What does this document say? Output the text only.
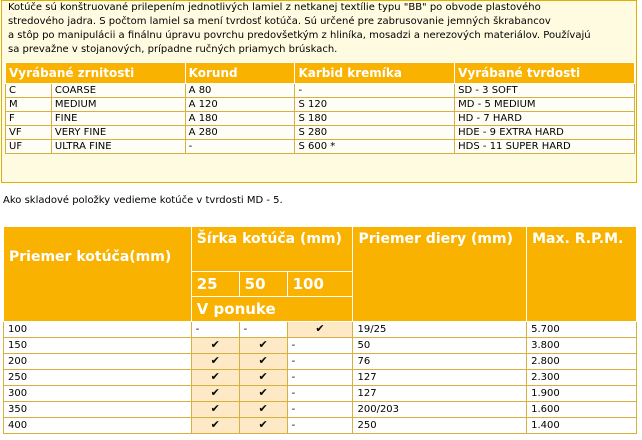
Kotúče sú konštruované prilepením jednotlivých lamiel z netkanej textílie typu "BB" po obvode plastového
stredového jadra. S počtom lamiel sa mení tvrdosť kotúča. Sú určené pre zabrusovanie jemných škrabancov
a stôp po manipulácii a finálnu úpravu povrchu predovšetkým z hliníka, mosadzi a nerezových materiálov. Používajú
sa prevažne v stojanových, prípadne ručných priamych brúskach.
Vyrábané zrnitosti		Korund	Karbid kremíka	Vyrábané tvrdosti
C	COARSE	A 80	-	SD - 3 SOFT
M	MEDIUM	A 120	S 120	MD - 5 MEDIUM
F	FINE	A 180	S 180	HD - 7 HARD
VF	VERY FINE	A 280	S 280	HDE - 9 EXTRA HARD
UF	ULTRA FINE	-	S 600 *	HDS - 11 SUPER HARD
Ako skladové položky vedieme kotúče v tvrdosti MD - 5.
Priemer kotúča(mm)	Šírka kotúča (mm)			Priemer diery (mm)	Max. R.P.M.
	25	50	100		
	V ponuke				
100	-	-	✔	19/25	5.700
150	✔	✔	-	50	3.800
200	✔	✔	-	76	2.800
250	✔	✔	-	127	2.300
300	✔	✔	-	127	1.900
350	✔	✔	-	200/203	1.600
400	✔	✔	-	250	1.400
